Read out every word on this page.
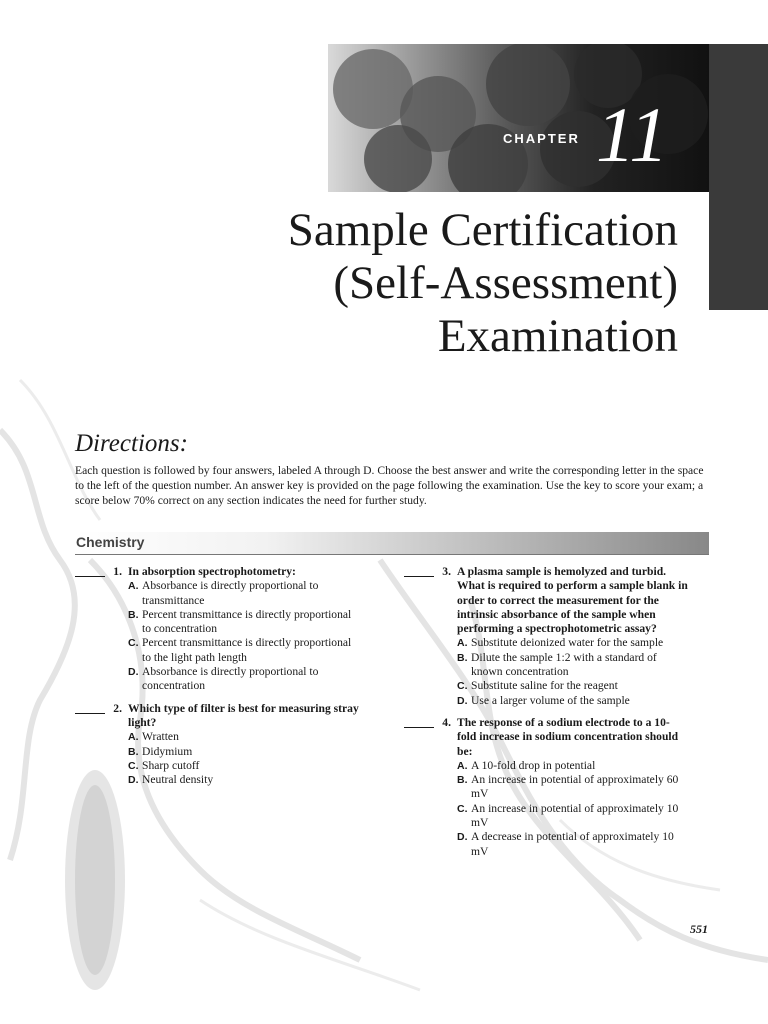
CHAPTER 11
Sample Certification
(Self-Assessment)
Examination
Directions:
Each question is followed by four answers, labeled A through D. Choose the best answer and write the corresponding letter in the space to the left of the question number. An answer key is provided on the page following the examination. Use the key to score your exam; a score below 70% correct on any section indicates the need for further study.
Chemistry
1. In absorption spectrophotometry:
A. Absorbance is directly proportional to transmittance
B. Percent transmittance is directly proportional to concentration
C. Percent transmittance is directly proportional to the light path length
D. Absorbance is directly proportional to concentration
2. Which type of filter is best for measuring stray light?
A. Wratten
B. Didymium
C. Sharp cutoff
D. Neutral density
3. A plasma sample is hemolyzed and turbid. What is required to perform a sample blank in order to correct the measurement for the intrinsic absorbance of the sample when performing a spectrophotometric assay?
A. Substitute deionized water for the sample
B. Dilute the sample 1:2 with a standard of known concentration
C. Substitute saline for the reagent
D. Use a larger volume of the sample
4. The response of a sodium electrode to a 10-fold increase in sodium concentration should be:
A. A 10-fold drop in potential
B. An increase in potential of approximately 60 mV
C. An increase in potential of approximately 10 mV
D. A decrease in potential of approximately 10 mV
551
